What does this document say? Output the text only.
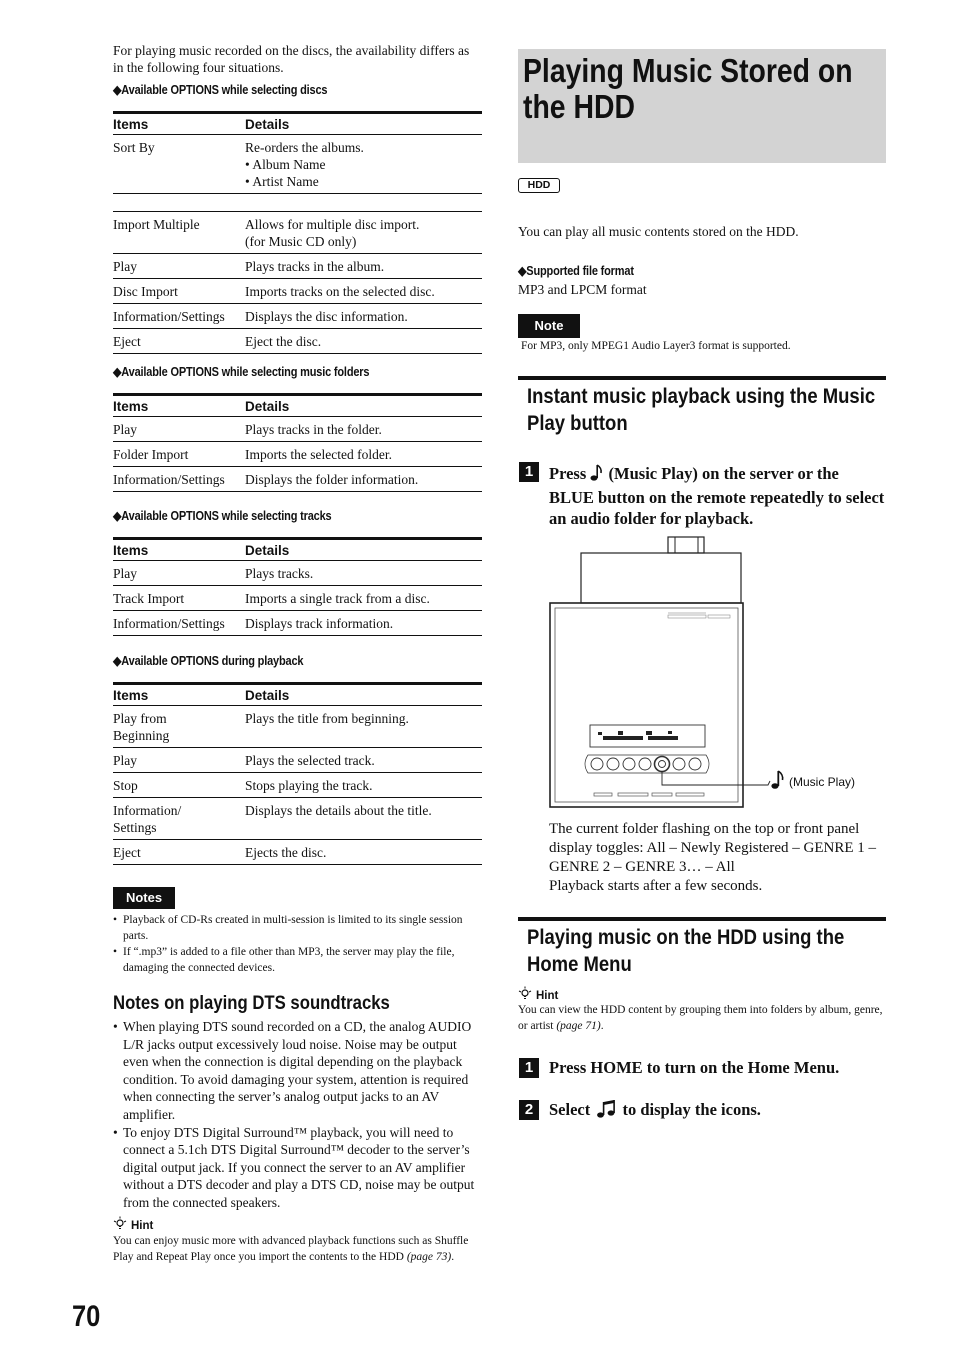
For playing music recorded on the discs, the availability differs as in the following four situations.
◆Available OPTIONS while selecting discs
Items	Details
Sort By	Re-orders the albums.
• Album Name
• Artist Name

Import Multiple	Allows for multiple disc import.
(for Music CD only)
Play	Plays tracks in the album.
Disc Import	Imports tracks on the selected disc.
Information/Settings	Displays the disc information.
Eject	Eject the disc.
◆Available OPTIONS while selecting music folders
Items	Details
Play	Plays tracks in the folder.
Folder Import	Imports the selected folder.
Information/Settings	Displays the folder information.
◆Available OPTIONS while selecting tracks
Items	Details
Play	Plays tracks.
Track Import	Imports a single track from a disc.
Information/Settings	Displays track information.
◆Available OPTIONS during playback
Items	Details
Play from
Beginning	Plays the title from beginning.
Play	Plays the selected track.
Stop	Stops playing the track.
Information/
Settings	Displays the details about the title.
Eject	Ejects the disc.
Notes
• Playback of CD-Rs created in multi-session is limited to its single session parts.
• If “.mp3” is added to a file other than MP3, the server may play the file, damaging the connected devices.
Notes on playing DTS soundtracks
• When playing DTS sound recorded on a CD, the analog AUDIO L/R jacks output excessively loud noise. Noise may be output even when the connection is digital depending on the playback condition. To avoid damaging your system, attention is required when connecting the server’s analog output jacks to an AV amplifier.
• To enjoy DTS Digital Surround™ playback, you will need to connect a 5.1ch DTS Digital Surround™ decoder to the server’s digital output jack. If you connect the server to an AV amplifier without a DTS decoder and play a DTS CD, noise may be output from the connected speakers.
Hint
You can enjoy music more with advanced playback functions such as Shuffle Play and Repeat Play once you import the contents to the HDD (page 73).
70
Playing Music Stored on the HDD
HDD
You can play all music contents stored on the HDD.
◆Supported file format
MP3 and LPCM format
Note
For MP3, only MPEG1 Audio Layer3 format is supported.
Instant music playback using the Music Play button
1 Press (Music Play) on the server or the BLUE button on the remote repeatedly to select an audio folder for playback.
(Music Play)
The current folder flashing on the top or front panel display toggles: All – Newly Registered – GENRE 1 – GENRE 2 – GENRE 3… – All
Playback starts after a few seconds.
Playing music on the HDD using the Home Menu
Hint
You can view the HDD content by grouping them into folders by album, genre, or artist (page 71).
1 Press HOME to turn on the Home Menu.
2 Select to display the icons.
